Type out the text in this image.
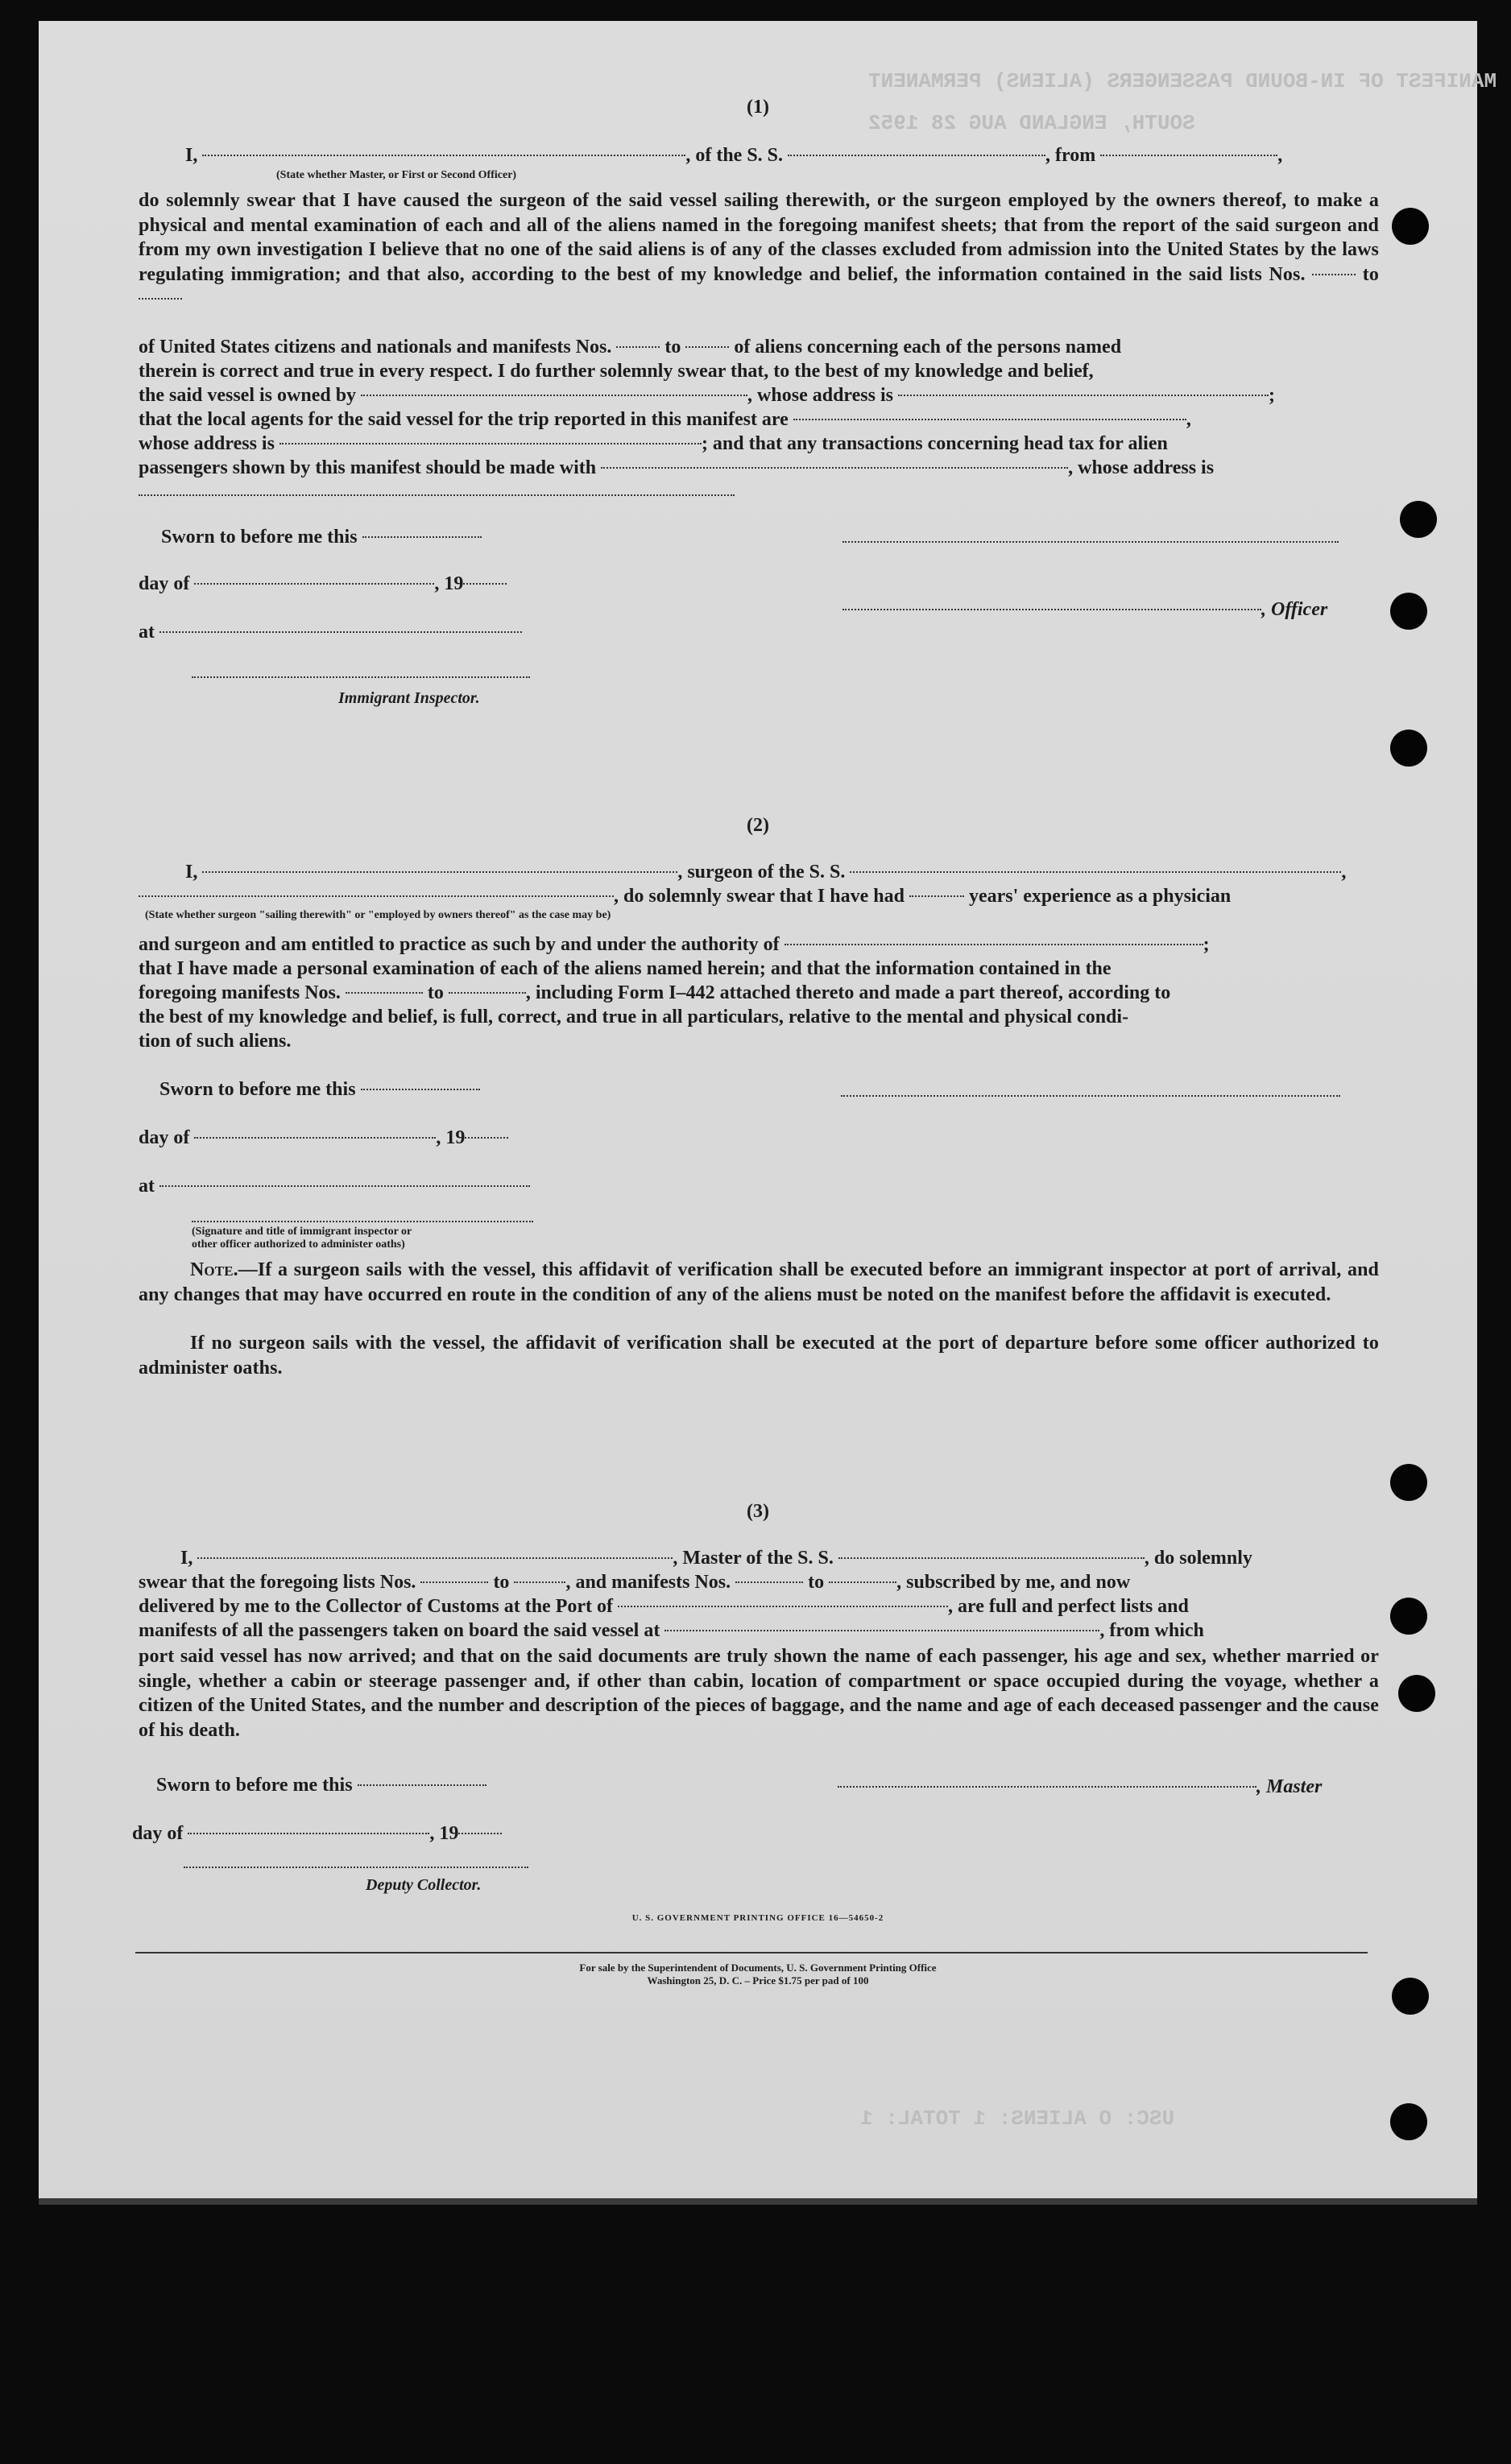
MANIFEST OF IN-BOUND PASSENGERS (ALIENS) PERMANENT
SOUTH, ENGLAND AUG 28 1952
USC: O ALIENS: 1 TOTAL: 1
(1)
I,	, of the S. S.	, from	,
(State whether Master, or First or Second Officer)
do solemnly swear that I have caused the surgeon of the said vessel sailing therewith, or the surgeon employed by the owners thereof, to make a physical and mental examination of each and all of the aliens named in the foregoing manifest sheets; that from the report of the said surgeon and from my own investigation I believe that no one of the said aliens is of any of the classes excluded from admission into the United States by the laws regulating immigration; and that also, according to the best of my knowledge and belief, the information contained in the said lists Nos.	to
of United States citizens and nationals and manifests Nos.	to	of aliens concerning each of the persons named
therein is correct and true in every respect. I do further solemnly swear that, to the best of my knowledge and belief,
the said vessel is owned by	, whose address is	;
that the local agents for the said vessel for the trip reported in this manifest are	,
whose address is	; and that any transactions concerning head tax for alien
passengers shown by this manifest should be made with	, whose address is
Sworn to before me this
day of	, 19
, Officer
at
Immigrant Inspector.
(2)
I,	, surgeon of the S. S.	,
, do solemnly swear that I have had	years' experience as a physician
(State whether surgeon "sailing therewith" or "employed by owners thereof" as the case may be)
and surgeon and am entitled to practice as such by and under the authority of	;
that I have made a personal examination of each of the aliens named herein; and that the information contained in the
foregoing manifests Nos.	to	, including Form I–442 attached thereto and made a part thereof, according to
the best of my knowledge and belief, is full, correct, and true in all particulars, relative to the mental and physical condi-
tion of such aliens.
Sworn to before me this
day of	, 19
at
(Signature and title of immigrant inspector or
other officer authorized to administer oaths)
Note.—If a surgeon sails with the vessel, this affidavit of verification shall be executed before an immigrant inspector at port of arrival, and any changes that may have occurred en route in the condition of any of the aliens must be noted on the manifest before the affidavit is executed.
If no surgeon sails with the vessel, the affidavit of verification shall be executed at the port of departure before some officer authorized to administer oaths.
(3)
I,	, Master of the S. S.	, do solemnly
swear that the foregoing lists Nos.	to	, and manifests Nos.	to	, subscribed by me, and now
delivered by me to the Collector of Customs at the Port of	, are full and perfect lists and
manifests of all the passengers taken on board the said vessel at	, from which
port said vessel has now arrived; and that on the said documents are truly shown the name of each passenger, his age and sex, whether married or single, whether a cabin or steerage passenger and, if other than cabin, location of compartment or space occupied during the voyage, whether a citizen of the United States, and the number and description of the pieces of baggage, and the name and age of each deceased passenger and the cause of his death.
Sworn to before me this	, Master
day of	, 19
Deputy Collector.
U. S. GOVERNMENT PRINTING OFFICE 16—54650-2
For sale by the Superintendent of Documents, U. S. Government Printing Office
Washington 25, D. C. – Price $1.75 per pad of 100
